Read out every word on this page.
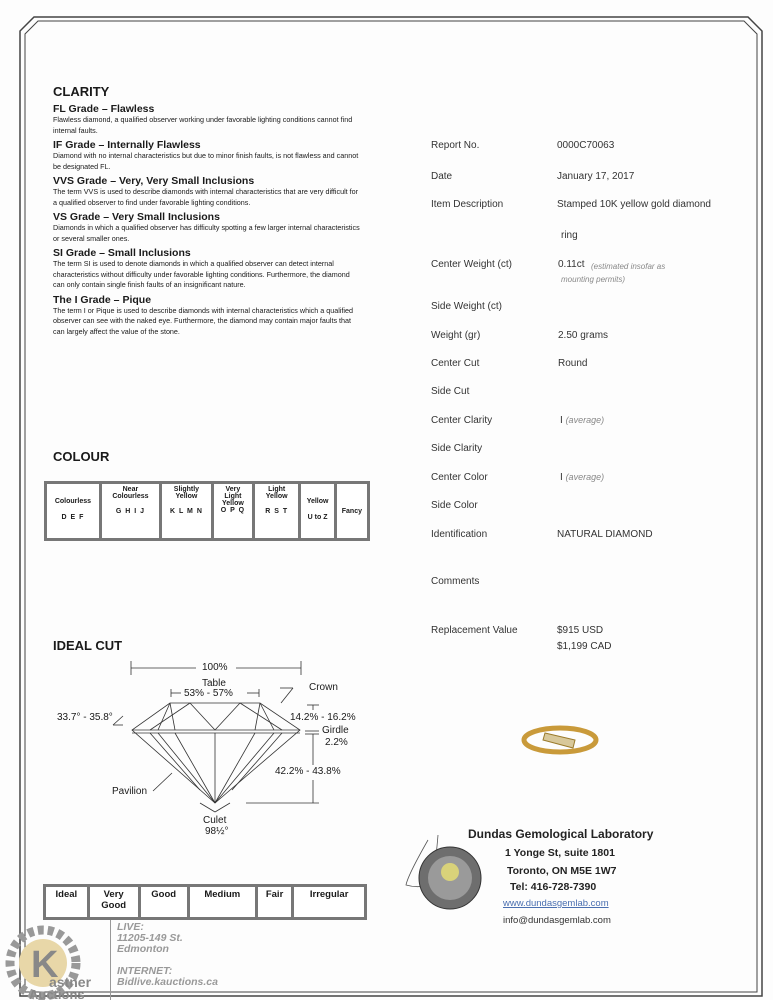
CLARITY
FL Grade – Flawless
Flawless diamond, a qualified observer working under favorable lighting conditions cannot find internal faults.
IF Grade – Internally Flawless
Diamond with no internal characteristics but due to minor finish faults, is not flawless and cannot be designated FL.
VVS Grade – Very, Very Small Inclusions
The term VVS is used to describe diamonds with internal characteristics that are very difficult for a qualified observer to find under favorable lighting conditions.
VS Grade – Very Small Inclusions
Diamonds in which a qualified observer has difficulty spotting a few larger internal characteristics or several smaller ones.
SI Grade – Small Inclusions
The term SI is used to denote diamonds in which a qualified observer can detect internal characteristics without difficulty under favorable lighting conditions. Furthermore, the diamond can only contain single finish faults of an insignificant nature.
The I Grade – Pique
The term I or Pique is used to describe diamonds with internal characteristics which a qualified observer can see with the naked eye. Furthermore, the diamond may contain major faults that can largely affect the value of the stone.
COLOUR
Colourless
D E F

Near Colourless
G H I J

Slightly Yellow
K L M N

Very Light Yellow
O P Q

Light Yellow
R S T

Yellow
U to Z

Fancy
IDEAL CUT
100%
Table
53% - 57%
Crown
33.7° - 35.8°	14.2% - 16.2%
Girdle
2.2%
42.2% - 43.8%
Pavilion
Culet
98½°
Ideal	Very Good	Good	Medium	Fair	Irregular
Report No.	0000C70063
Date	January 17, 2017
Item Description	Stamped 10K yellow gold diamond
ring
Center Weight (ct)	0.11ct (estimated insofar as mounting permits)
Side Weight (ct)
Weight (gr)	2.50 grams
Center Cut	Round
Side Cut
Center Clarity	I (average)
Side Clarity
Center Color	I (average)
Side Color
Identification	NATURAL DIAMOND
Comments
Replacement Value	$915 USD
$1,199 CAD
Dundas Gemological Laboratory
1 Yonge St, suite 1801
Toronto, ON M5E 1W7
Tel: 416-728-7390
www.dundasgemlab.com
info@dundasgemlab.com
K
astner
Auctions
LIVE:
11205-149 St.
Edmonton
INTERNET:
Bidlive.kauctions.ca
